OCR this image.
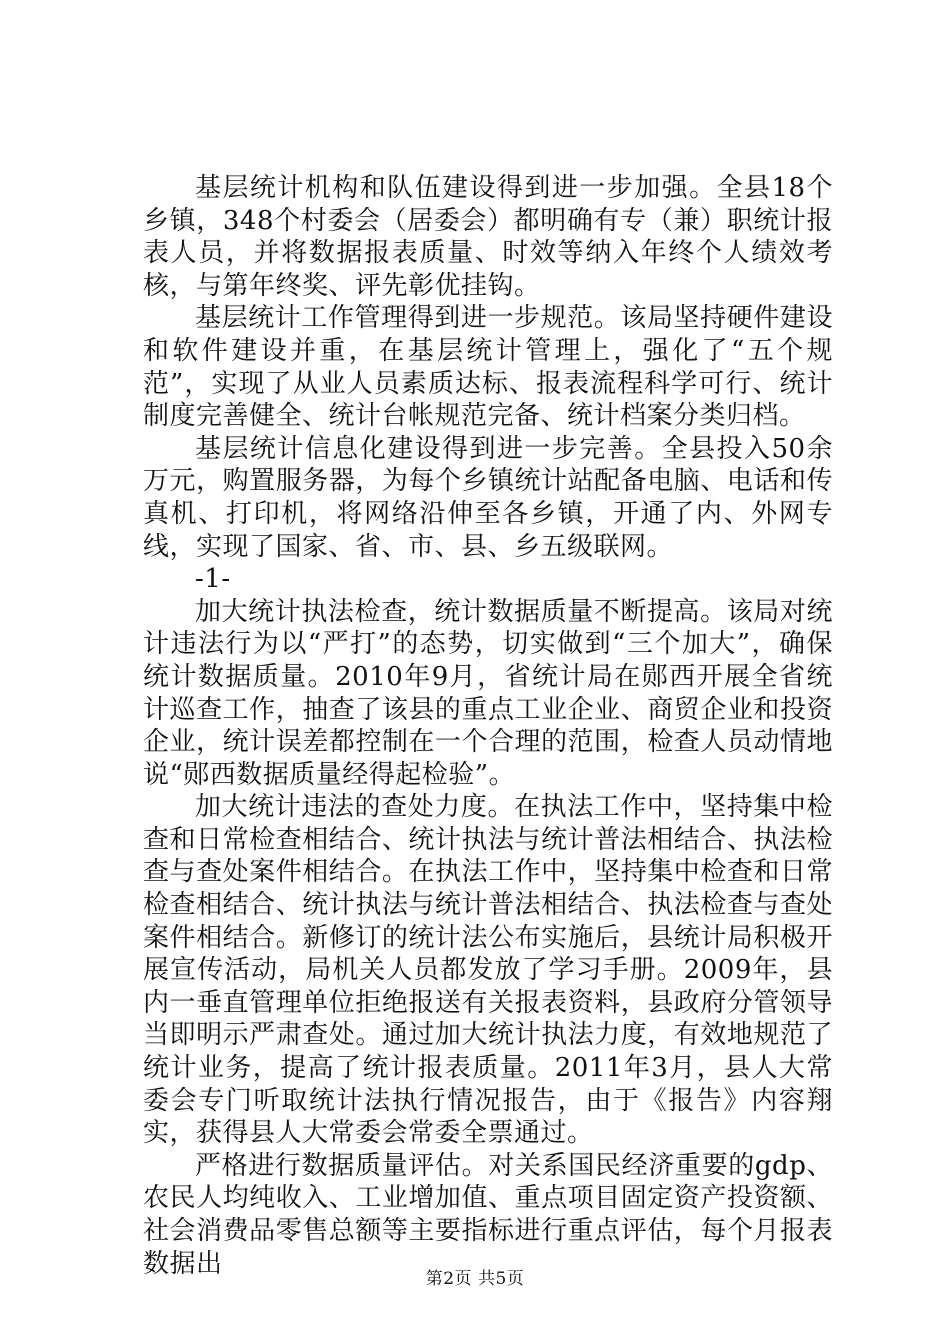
基层统计机构和队伍建设得到进一步加强。全县18个乡镇，348个村委会（居委会）都明确有专（兼）职统计报表人员，并将数据报表质量、时效等纳入年终个人绩效考核，与第年终奖、评先彰优挂钩。

基层统计工作管理得到进一步规范。该局坚持硬件建设和软件建设并重，在基层统计管理上，强化了“五个规范”，实现了从业人员素质达标、报表流程科学可行、统计制度完善健全、统计台帐规范完备、统计档案分类归档。

基层统计信息化建设得到进一步完善。全县投入50余万元，购置服务器，为每个乡镇统计站配备电脑、电话和传真机、打印机，将网络沿伸至各乡镇，开通了内、外网专线，实现了国家、省、市、县、乡五级联网。

-1-

加大统计执法检查，统计数据质量不断提高。该局对统计违法行为以“严打”的态势，切实做到“三个加大”，确保统计数据质量。2010年9月，省统计局在郧西开展全省统计巡查工作，抽查了该县的重点工业企业、商贸企业和投资企业，统计误差都控制在一个合理的范围，检查人员动情地说“郧西数据质量经得起检验”。

加大统计违法的查处力度。在执法工作中，坚持集中检查和日常检查相结合、统计执法与统计普法相结合、执法检查与查处案件相结合。在执法工作中，坚持集中检查和日常检查相结合、统计执法与统计普法相结合、执法检查与查处案件相结合。新修订的统计法公布实施后，县统计局积极开展宣传活动，局机关人员都发放了学习手册。2009年，县内一垂直管理单位拒绝报送有关报表资料，县政府分管领导当即明示严肃查处。通过加大统计执法力度，有效地规范了统计业务，提高了统计报表质量。2011年3月，县人大常委会专门听取统计法执行情况报告，由于《报告》内容翔实，获得县人大常委会常委全票通过。

严格进行数据质量评估。对关系国民经济重要的gdp、农民人均纯收入、工业增加值、重点项目固定资产投资额、社会消费品零售总额等主要指标进行重点评估，每个月报表数据出

第2页 共5页
